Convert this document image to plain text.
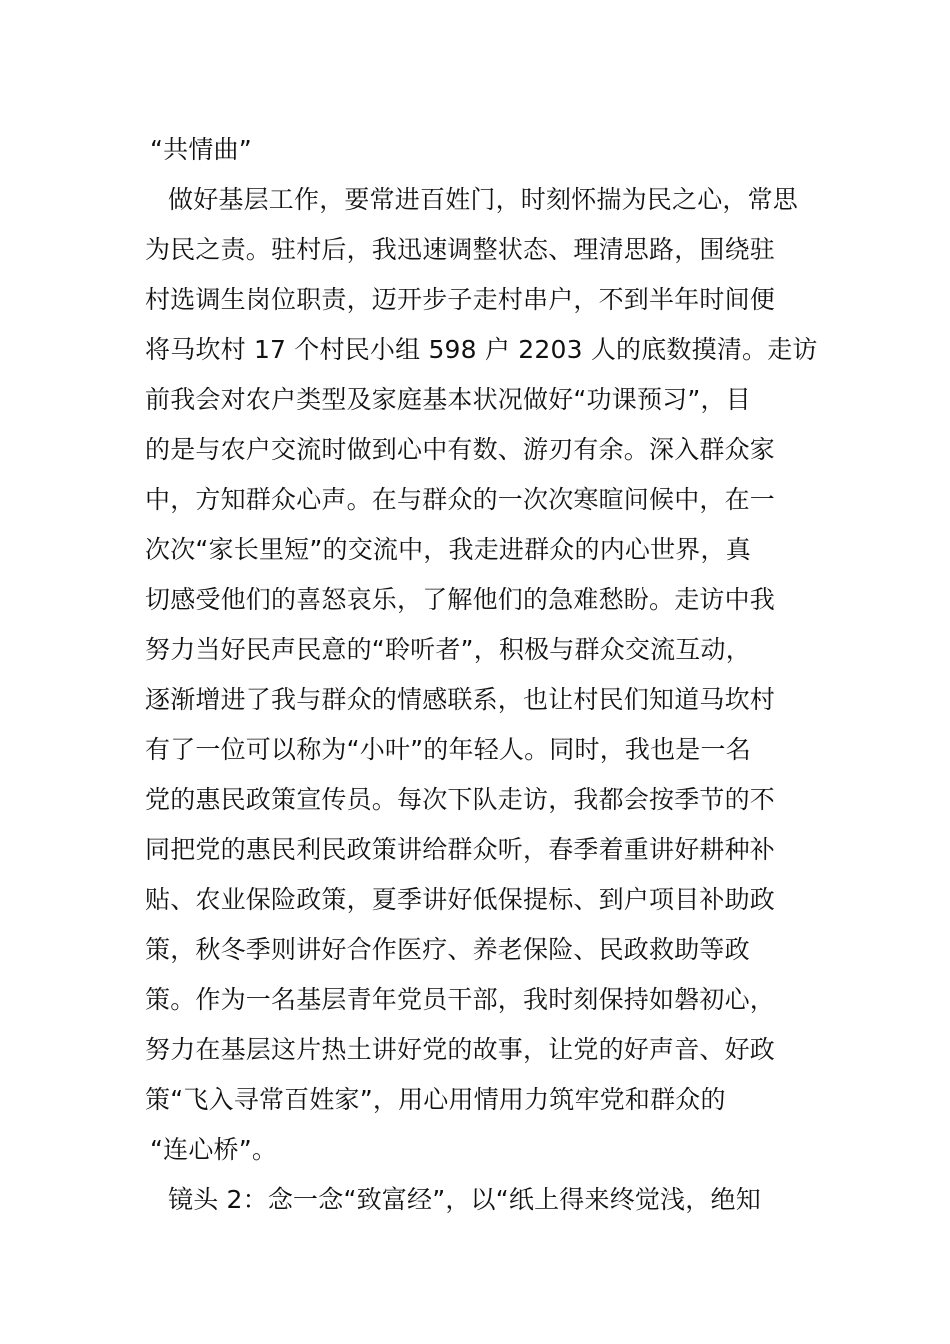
“共情曲”
做好基层工作，要常进百姓门，时刻怀揣为民之心，常思
为民之责。驻村后，我迅速调整状态、理清思路，围绕驻
村选调生岗位职责，迈开步子走村串户，不到半年时间便
将马坎村 17 个村民小组 598 户 2203 人的底数摸清。走访
前我会对农户类型及家庭基本状况做好“功课预习”，目
的是与农户交流时做到心中有数、游刃有余。深入群众家
中，方知群众心声。在与群众的一次次寒暄问候中，在一
次次“家长里短”的交流中，我走进群众的内心世界，真
切感受他们的喜怒哀乐，了解他们的急难愁盼。走访中我
努力当好民声民意的“聆听者”，积极与群众交流互动，
逐渐增进了我与群众的情感联系，也让村民们知道马坎村
有了一位可以称为“小叶”的年轻人。同时，我也是一名
党的惠民政策宣传员。每次下队走访，我都会按季节的不
同把党的惠民利民政策讲给群众听，春季着重讲好耕种补
贴、农业保险政策，夏季讲好低保提标、到户项目补助政
策，秋冬季则讲好合作医疗、养老保险、民政救助等政
策。作为一名基层青年党员干部，我时刻保持如磐初心，
努力在基层这片热土讲好党的故事，让党的好声音、好政
策“飞入寻常百姓家”，用心用情用力筑牢党和群众的
“连心桥”。
镜头 2：念一念“致富经”，以“纸上得来终觉浅，绝知
